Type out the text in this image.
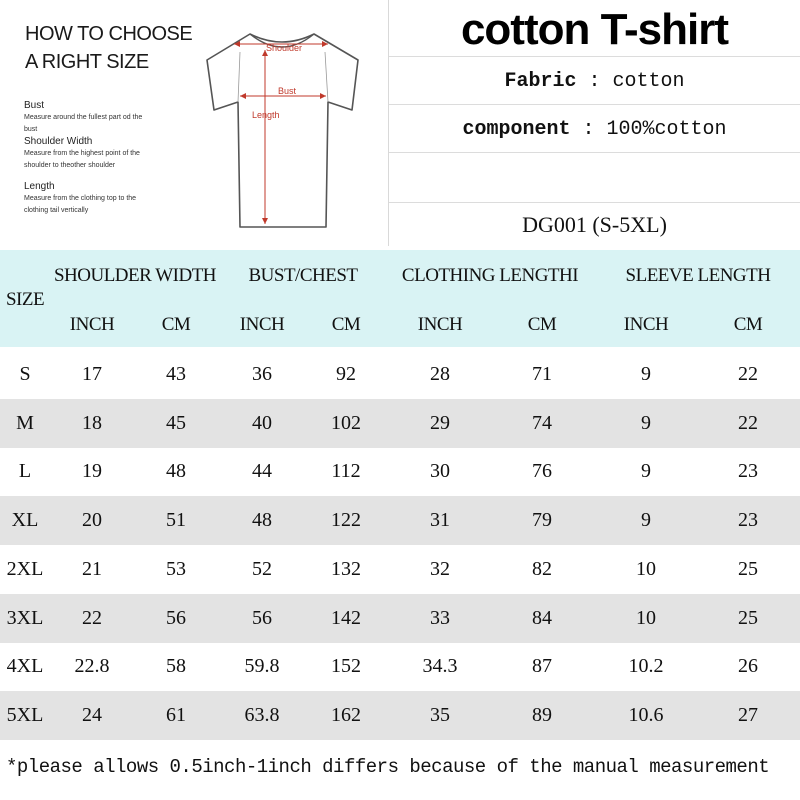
HOW TO CHOOSE
A RIGHT SIZE
Bust
Measure around the fullest part od the bust
Shoulder Width
Measure from the highest point of the shoulder to theother shoulder
Length
Measure from the clothing top to the clothing tail vertically
Shoulder
Bust
Length
cotton T-shirt
Fabric : cotton
component : 100%cotton
DG001 (S-5XL)
SIZE
SHOULDER WIDTH	BUST/CHEST	CLOTHING LENGTHI	SLEEVE LENGTH
INCH	CM	INCH	CM	INCH	CM	INCH	CM
S	17	43	36	92	28	71	9	22
M	18	45	40	102	29	74	9	22
L	19	48	44	112	30	76	9	23
XL	20	51	48	122	31	79	9	23
2XL	21	53	52	132	32	82	10	25
3XL	22	56	56	142	33	84	10	25
4XL	22.8	58	59.8	152	34.3	87	10.2	26
5XL	24	61	63.8	162	35	89	10.6	27
*please allows 0.5inch-1inch differs because of the manual measurement
